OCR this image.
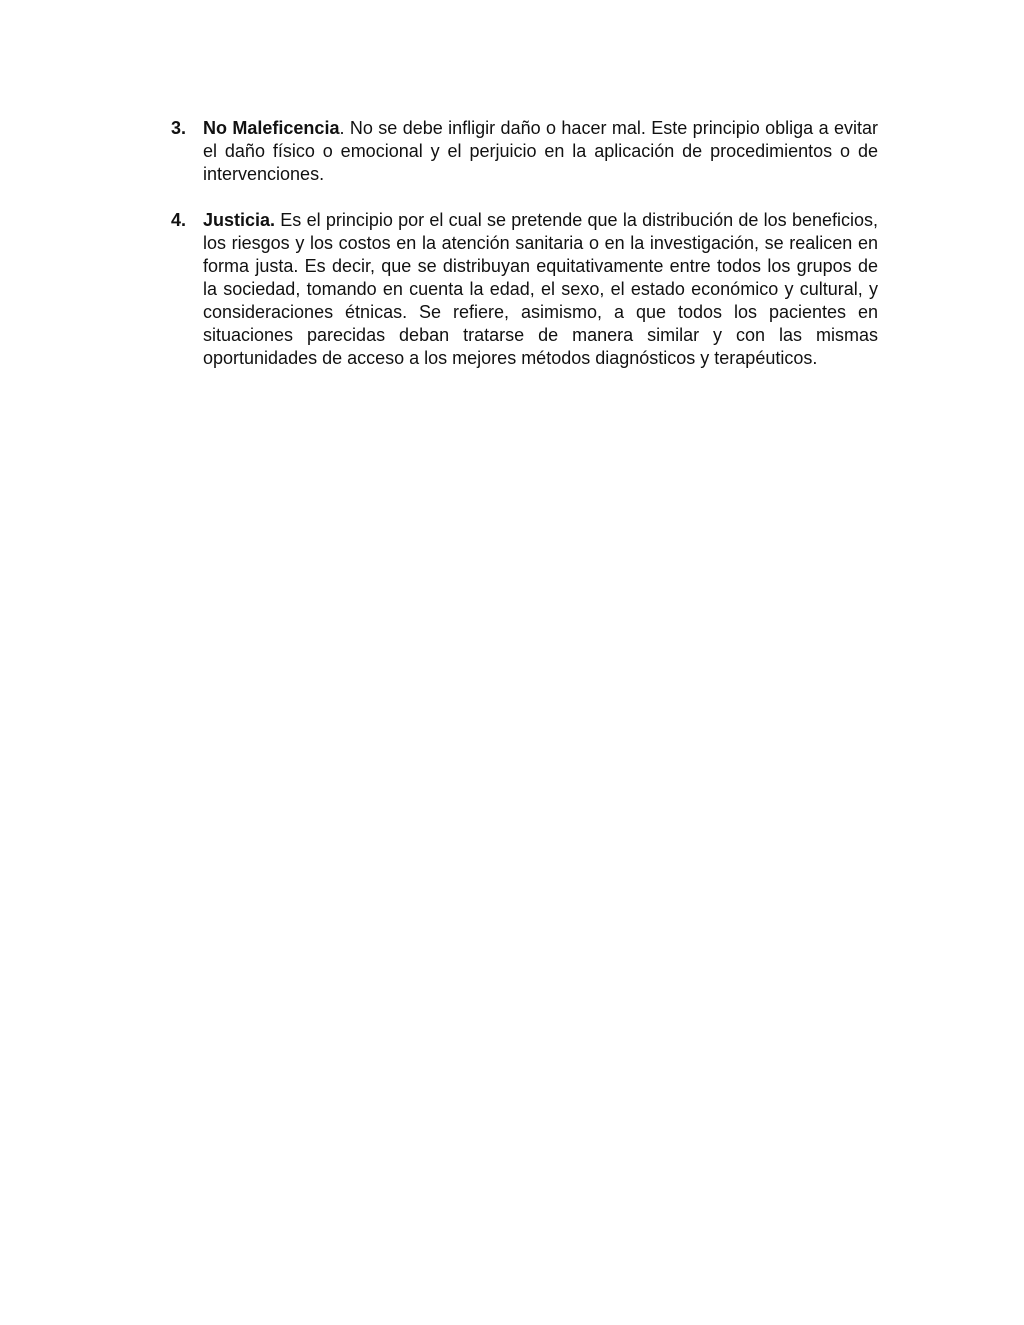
3. No Maleficencia. No se debe infligir daño o hacer mal. Este principio obliga a evitar el daño físico o emocional y el perjuicio en la aplicación de procedimientos o de intervenciones.
4. Justicia. Es el principio por el cual se pretende que la distribución de los beneficios, los riesgos y los costos en la atención sanitaria o en la investigación, se realicen en forma justa. Es decir, que se distribuyan equitativamente entre todos los grupos de la sociedad, tomando en cuenta la edad, el sexo, el estado económico y cultural, y consideraciones étnicas. Se refiere, asimismo, a que todos los pacientes en situaciones parecidas deban tratarse de manera similar y con las mismas oportunidades de acceso a los mejores métodos diagnósticos y terapéuticos.
